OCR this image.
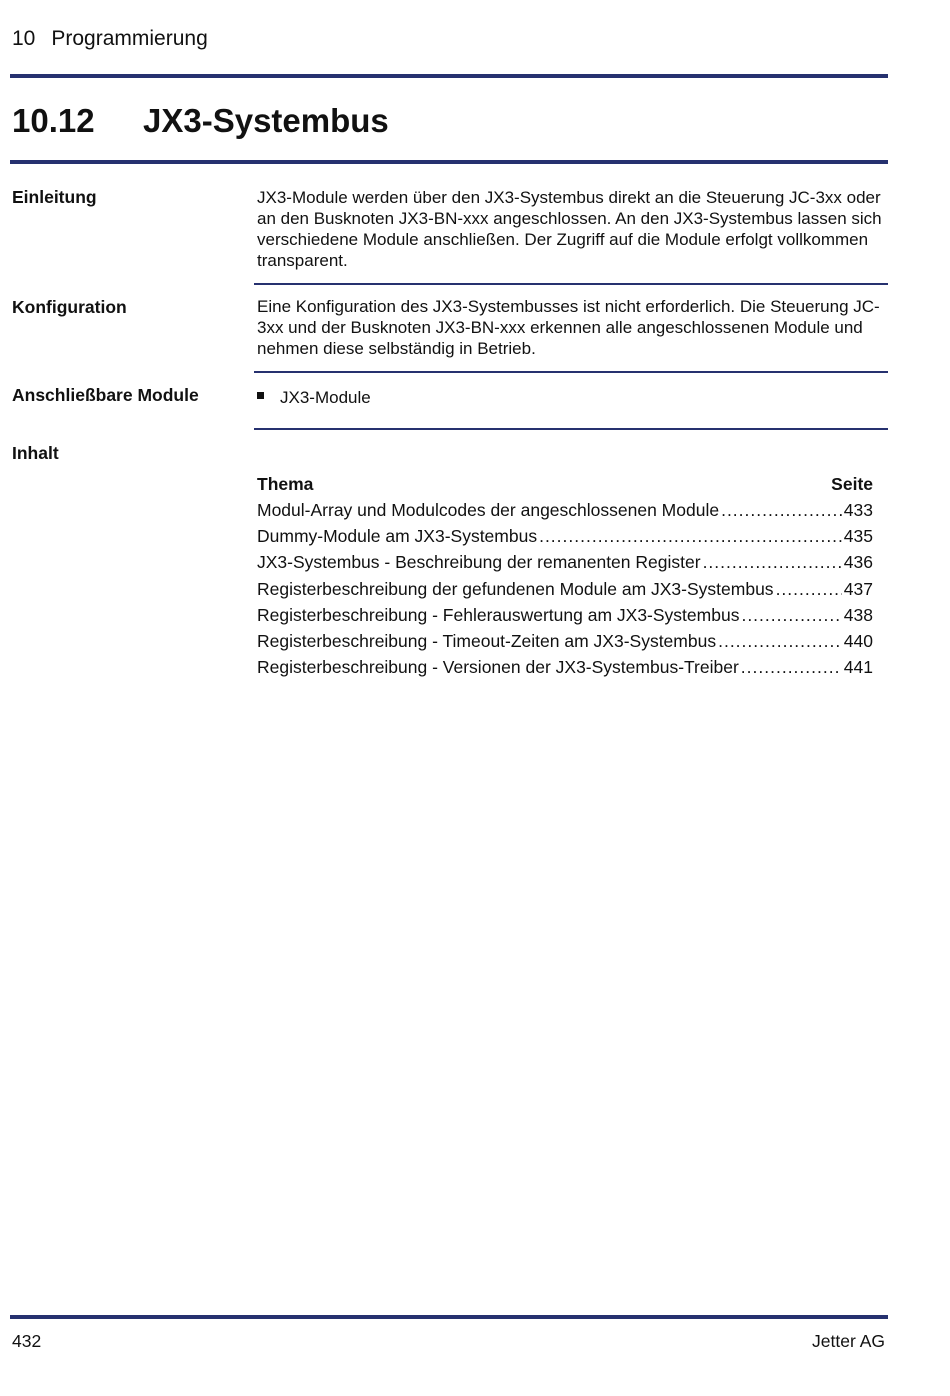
10 Programmierung
10.12 JX3-Systembus
Einleitung	JX3-Module werden über den JX3-Systembus direkt an die Steuerung JC-3xx oder an den Busknoten JX3-BN-xxx angeschlossen. An den JX3-Systembus lassen sich verschiedene Module anschließen. Der Zugriff auf die Module erfolgt vollkommen transparent.
Konfiguration	Eine Konfiguration des JX3-Systembusses ist nicht erforderlich. Die Steuerung JC-3xx und der Busknoten JX3-BN-xxx erkennen alle angeschlossenen Module und nehmen diese selbständig in Betrieb.
Anschließbare Module	JX3-Module
Inhalt
Thema	Seite
Modul-Array und Modulcodes der angeschlossenen Module .....	433
Dummy-Module am JX3-Systembus .....	435
JX3-Systembus - Beschreibung der remanenten Register .....	436
Registerbeschreibung der gefundenen Module am JX3-Systembus .....	437
Registerbeschreibung - Fehlerauswertung am JX3-Systembus .....	438
Registerbeschreibung - Timeout-Zeiten am JX3-Systembus .....	440
Registerbeschreibung - Versionen der JX3-Systembus-Treiber .....	441
432	Jetter AG
